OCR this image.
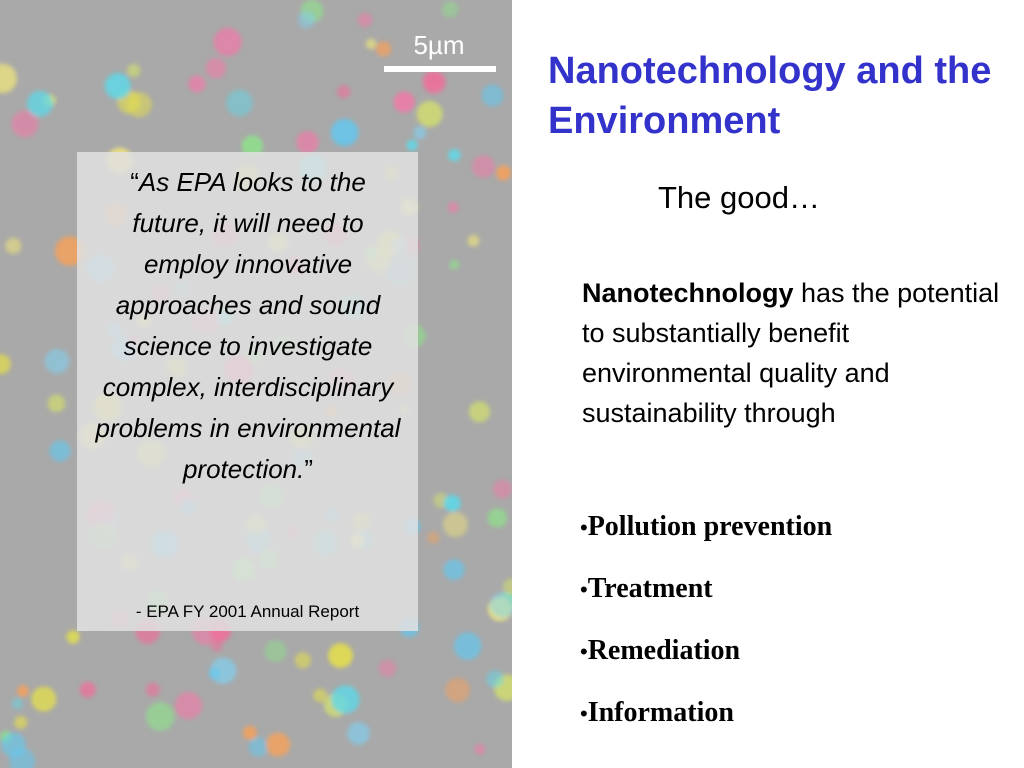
5µm
“As EPA looks to the future, it will need to employ innovative approaches and sound science to investigate complex, interdisciplinary problems in environmental protection.”
- EPA FY 2001 Annual Report
Nanotechnology and the Environment
The good…
Nanotechnology has the potential to substantially benefit environmental quality and sustainability through
•Pollution prevention
•Treatment
•Remediation
•Information
